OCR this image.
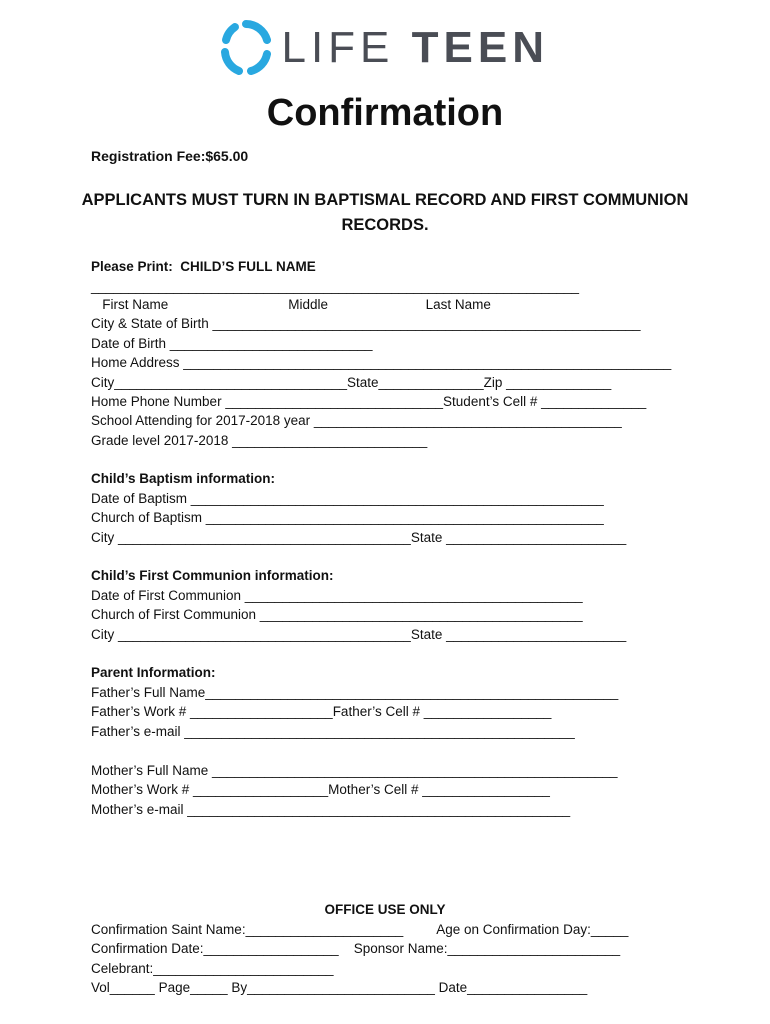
LIFE TEEN
Confirmation
Registration Fee:$65.00
APPLICANTS MUST TURN IN BAPTISMAL RECORD AND FIRST COMMUNION RECORDS.
Please Print:  CHILD’S FULL NAME
_________________________________________________________________
First Name                                Middle                          Last Name
City & State of Birth _________________________________________________________
Date of Birth ___________________________
Home Address _________________________________________________________________
City_______________________________State______________Zip ______________
Home Phone Number _____________________________Student’s Cell # ______________
School Attending for 2017-2018 year _________________________________________
Grade level 2017-2018 __________________________
Child’s Baptism information:
Date of Baptism _______________________________________________________
Church of Baptism _____________________________________________________
City _______________________________________State ________________________
Child’s First Communion information:
Date of First Communion _____________________________________________
Church of First Communion ___________________________________________
City _______________________________________State ________________________
Parent Information:
Father’s Full Name_______________________________________________________
Father’s Work # ___________________Father’s Cell # _________________
Father’s e-mail ____________________________________________________
Mother’s Full Name ______________________________________________________
Mother’s Work # __________________Mother’s Cell # _________________
Mother’s e-mail ___________________________________________________
OFFICE USE ONLY
Confirmation Saint Name:_____________________         Age on Confirmation Day:_____
Confirmation Date:__________________    Sponsor Name:_______________________
Celebrant:________________________
Vol______ Page_____ By_________________________ Date________________
